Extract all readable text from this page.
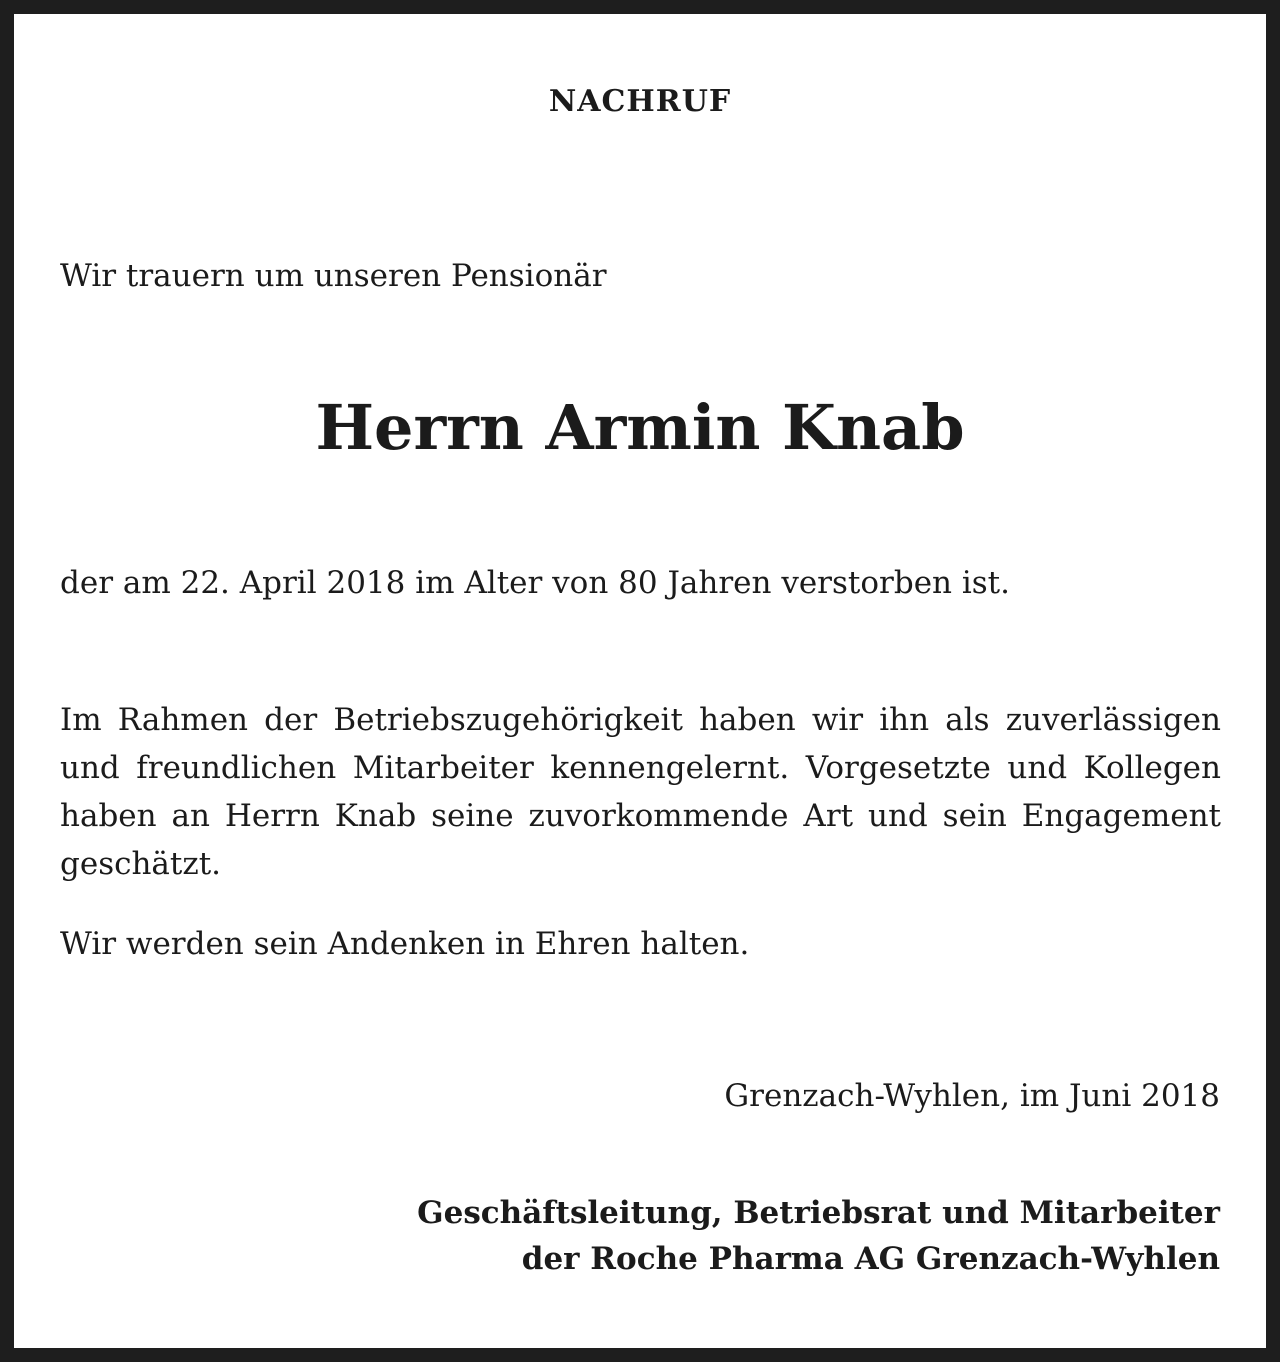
NACHRUF

Wir trauern um unseren Pensionär

Herrn Armin Knab

der am 22. April 2018 im Alter von 80 Jahren verstorben ist.

Im Rahmen der Betriebszugehörigkeit haben wir ihn als zuverlässigen und freundlichen Mitarbeiter kennengelernt. Vorgesetzte und Kollegen haben an Herrn Knab seine zuvorkommende Art und sein Engagement geschätzt.

Wir werden sein Andenken in Ehren halten.

Grenzach-Wyhlen, im Juni 2018

Geschäftsleitung, Betriebsrat und Mitarbeiter
der Roche Pharma AG Grenzach-Wyhlen
